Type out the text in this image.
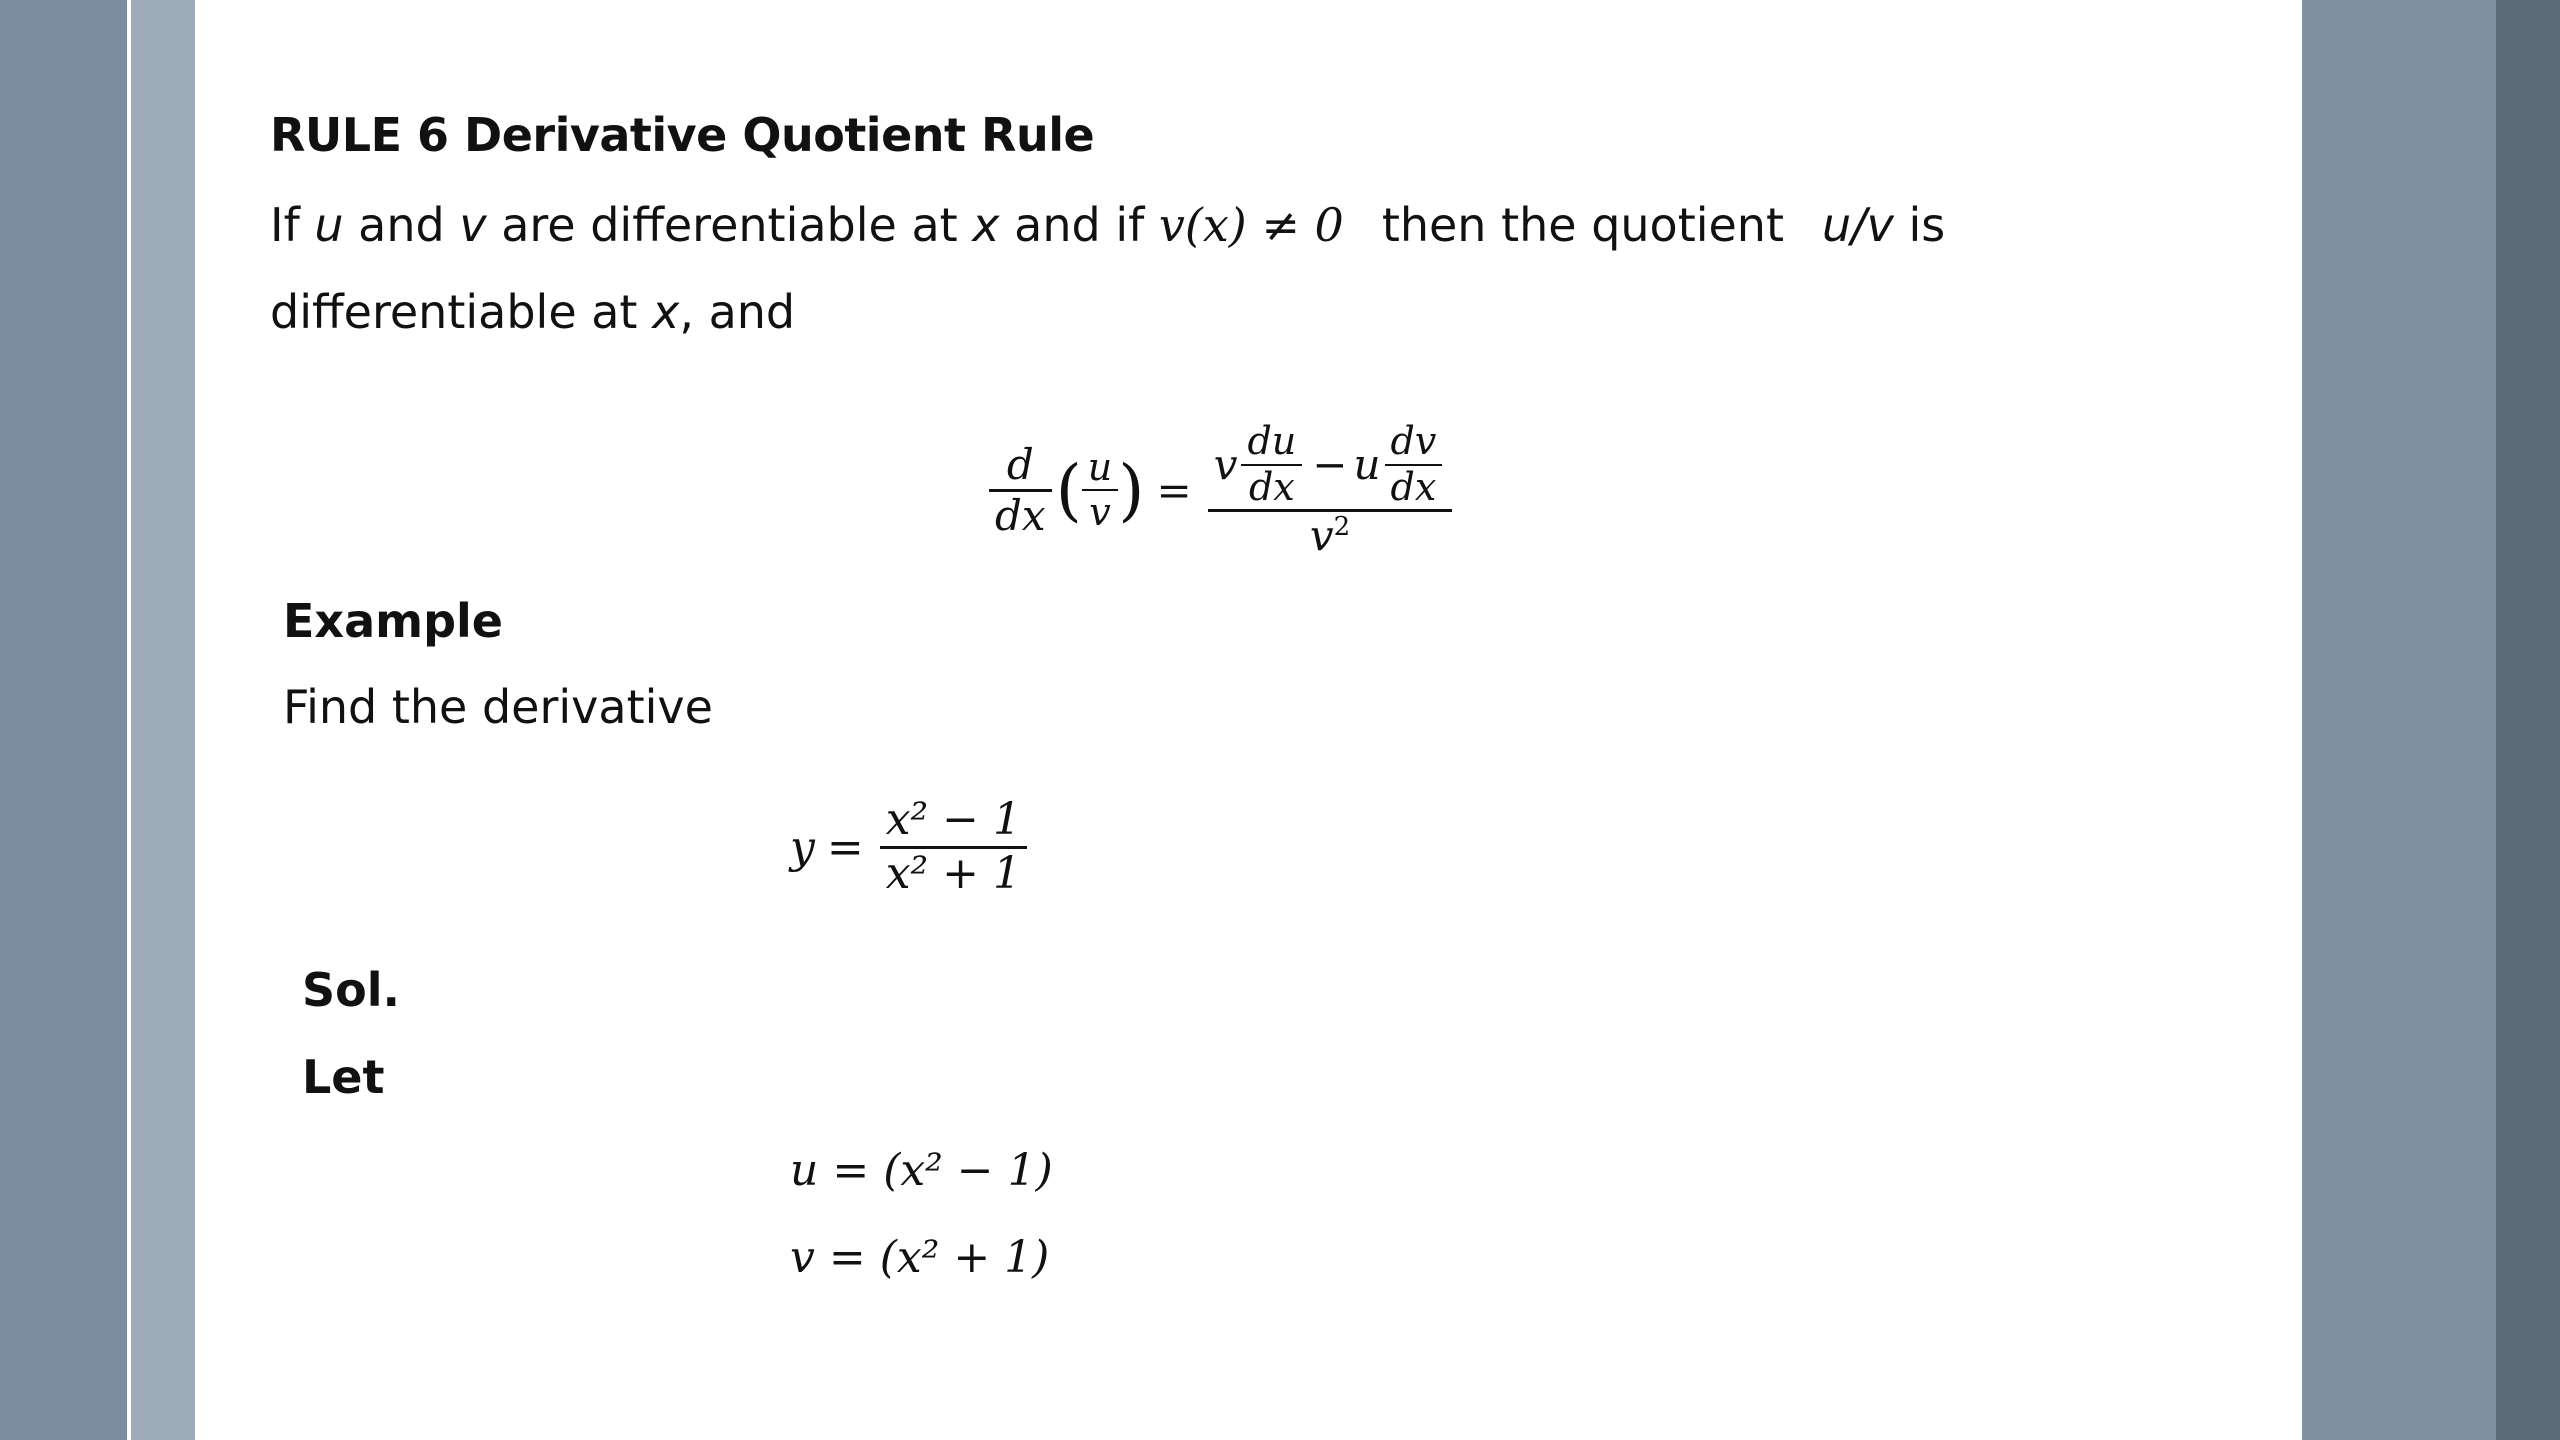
RULE 6 Derivative Quotient Rule
If u and v are differentiable at x and if v(x) ≠ 0 then the quotient u/v is
differentiable at x, and
$\frac{d}{dx}$ ( $\frac{u}{v}$ ) =
v $\frac{du}{dx} - u \frac{dv}{dx}$
$v^2$
Example
Find the derivative
$y = \frac{\text{x² − 1}}{\text{x² + 1}}$
Sol.
Let
u = (x² − 1)
v = (x² + 1)
